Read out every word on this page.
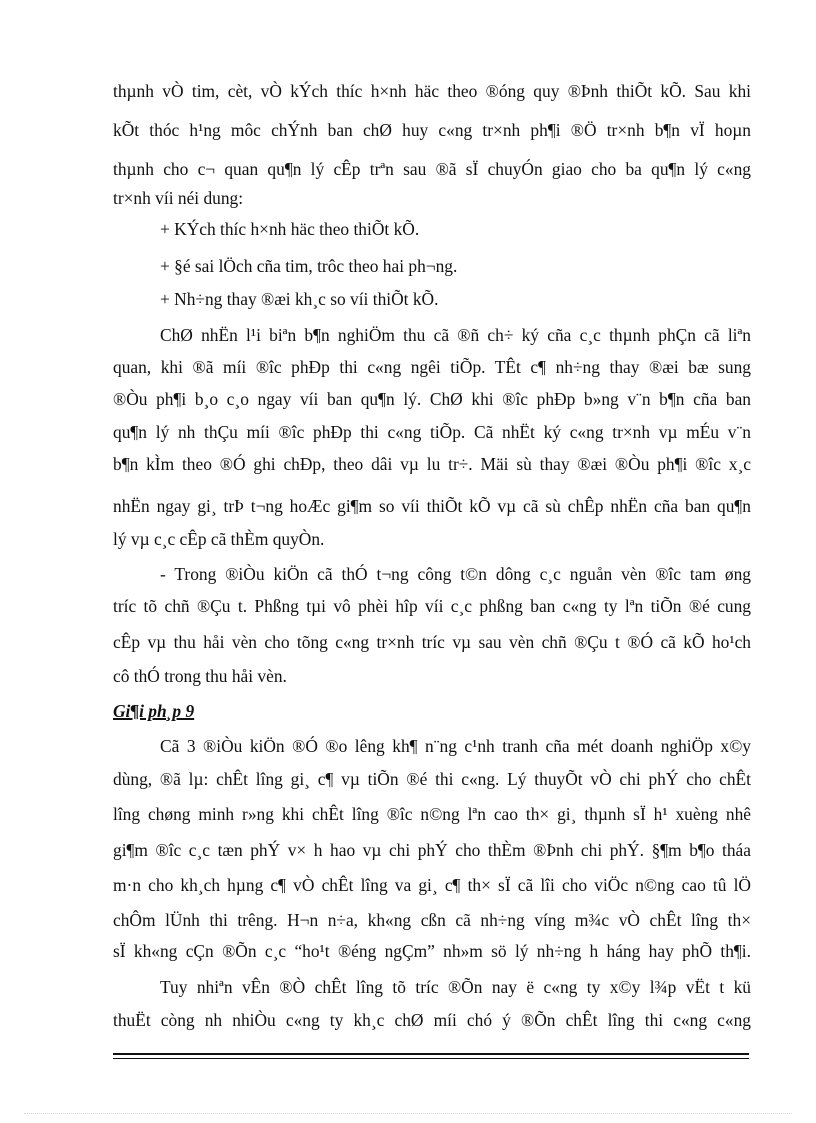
thµnh vÒ tim, cèt, vÒ kÝch thíc h×nh häc theo ®óng quy ®Þnh thiÕt kÕ. Sau khi
kÕt thóc h¹ng môc chÝnh ban chØ huy c«ng tr×nh ph¶i ®Ö tr×nh b¶n vÏ hoµn
thµnh cho c¬ quan qu¶n lý cÊp trªn sau ®ã sÏ chuyÓn giao cho ba qu¶n lý c«ng
tr×nh víi néi dung:
+ KÝch thíc h×nh häc theo thiÕt kÕ.
+ §é sai lÖch cña tim, trôc theo hai ph¬ng.
+ Nh÷ng thay ®æi kh¸c so víi thiÕt kÕ.
ChØ nhËn l¹i biªn b¶n nghiÖm thu cã ®ñ ch÷ ký cña c¸c thµnh phÇn cã liªn
quan, khi ®ã míi ®îc phÐp thi c«ng ngêi tiÕp. TÊt c¶ nh÷ng thay ®æi bæ sung
®Òu ph¶i b¸o c¸o ngay víi ban qu¶n lý. ChØ khi ®îc phÐp b»ng v¨n b¶n cña ban
qu¶n lý nh thÇu míi ®îc phÐp thi c«ng tiÕp. Cã nhËt ký c«ng tr×nh vµ mÉu v¨n
b¶n kÌm theo ®Ó ghi chÐp, theo dâi vµ lu tr÷. Mäi sù thay ®æi ®Òu ph¶i ®îc x¸c
nhËn ngay gi¸ trÞ t¬ng hoÆc gi¶m so víi thiÕt kÕ vµ cã sù chÊp nhËn cña ban qu¶n
lý vµ c¸c cÊp cã thÈm quyÒn.
- Trong ®iÒu kiÖn cã thÓ t¬ng công t©n dông c¸c nguån vèn ®îc tam øng
tríc tõ chñ ®Çu t. Phßng tµi vô phèi hîp víi c¸c phßng ban c«ng ty lªn tiÕn ®é cung
cÊp vµ thu håi vèn cho tõng c«ng tr×nh tríc vµ sau vèn chñ ®Çu t ®Ó cã kÕ ho¹ch
cô thÓ trong thu håi vèn.
Gi¶i ph¸p 9
Cã 3 ®iÒu kiÖn ®Ó ®o lêng kh¶ n¨ng c¹nh tranh cña mét doanh nghiÖp x©y
dùng, ®ã lµ: chÊt lîng gi¸ c¶ vµ tiÕn ®é thi c«ng. Lý thuyÕt vÒ chi phÝ cho chÊt
lîng chøng minh r»ng khi chÊt lîng ®îc n©ng lªn cao th× gi¸ thµnh sÏ h¹ xuèng nhê
gi¶m ®îc c¸c tæn phÝ v× h hao vµ chi phÝ cho thÈm ®Þnh chi phÝ. §¶m b¶o tháa
m·n cho kh¸ch hµng c¶ vÒ chÊt lîng va gi¸ c¶ th× sÏ cã lîi cho viÖc n©ng cao tû lÖ
chÔm lÜnh thi trêng. H¬n n÷a, kh«ng cßn cã nh÷ng víng m¾c vÒ chÊt lîng th×
sÏ kh«ng cÇn ®Õn c¸c “ho¹t ®éng ngÇm” nh»m sö lý nh÷ng h háng hay phÕ th¶i.
Tuy nhiªn vÊn ®Ò chÊt lîng tõ tríc ®Õn nay ë c«ng ty x©y l¾p vËt t kü
thuËt còng nh nhiÒu c«ng ty kh¸c chØ míi chó ý ®Õn chÊt lîng thi c«ng c«ng
